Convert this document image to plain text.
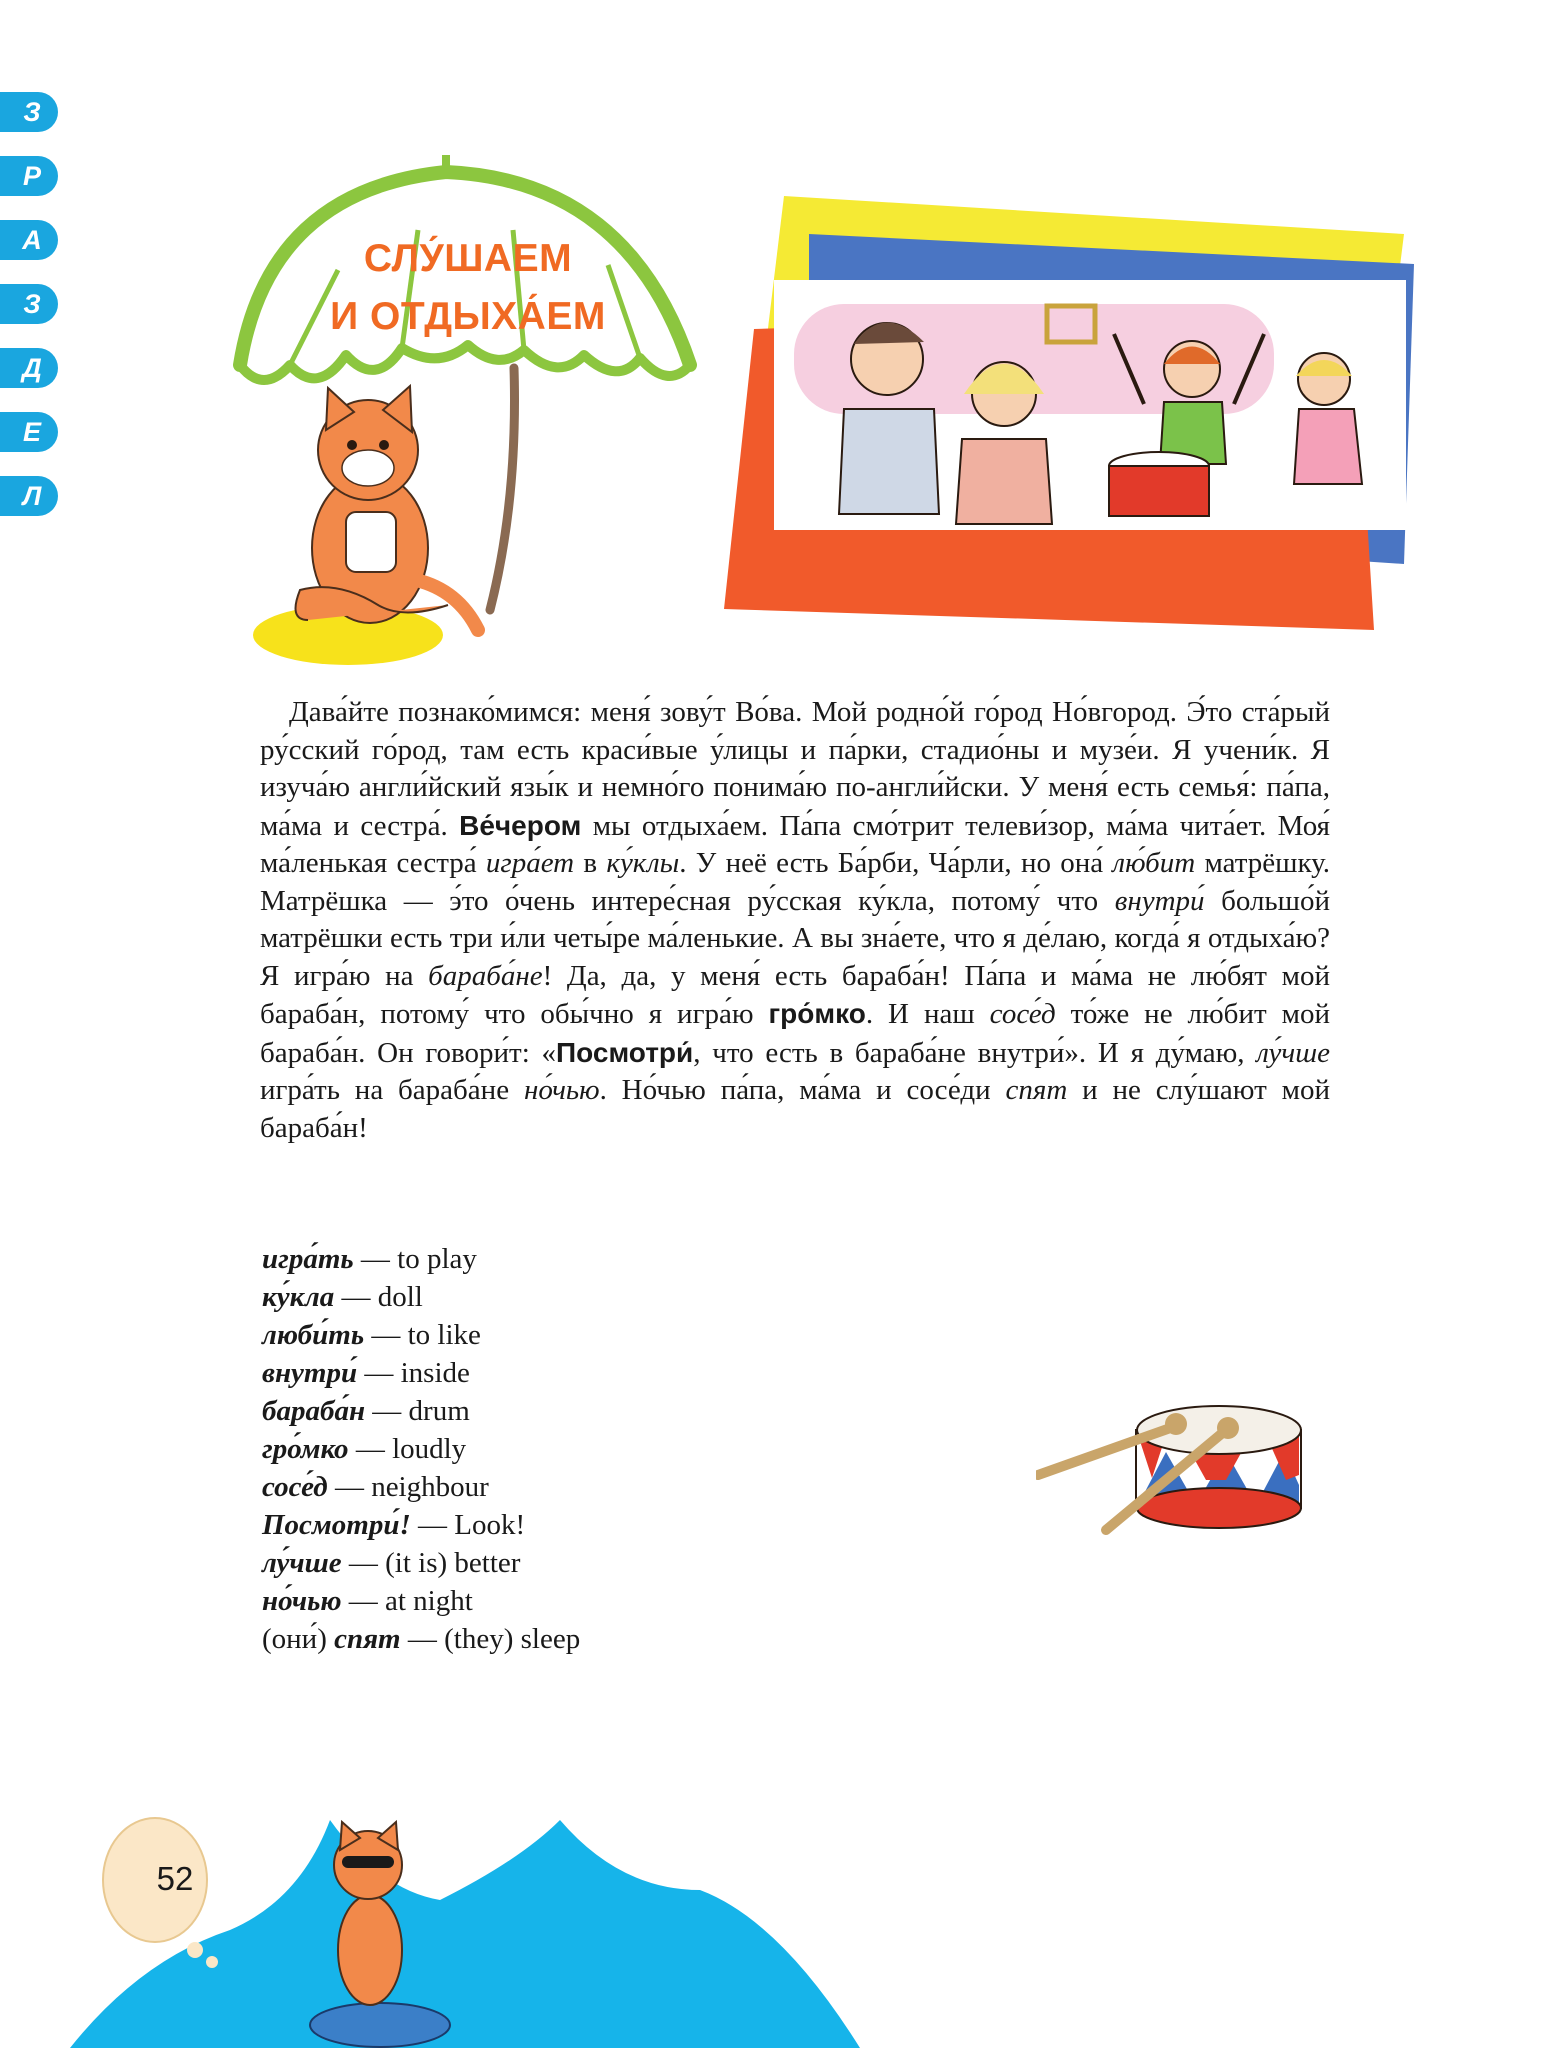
З
Р
А
З
Д
Е
Л
СЛУ́ШАЕМ
И ОТДЫХА́ЕМ

 Дава́йте познако́мимся: меня́ зову́т Во́ва. Мой родно́й го́род Но́вгород. Э́то ста́рый ру́сский го́род, там есть краси́вые у́лицы и па́рки, стадио́ны и музе́и. Я учени́к. Я изуча́ю англи́йский язы́к и немно́го понима́ю по-англи́йски. У меня́ есть семья́: па́па, ма́ма и сестра́. Ве́чером мы отдыха́ем. Па́па смо́трит телеви́зор, ма́ма чита́ет. Моя́ ма́ленькая сестра́ игра́ет в ку́клы. У неё есть Ба́рби, Ча́рли, но она́ лю́бит матрёшку. Матрёшка — э́то о́чень интере́сная ру́сская ку́кла, потому́ что внутри́ большо́й матрёшки есть три и́ли четы́ре ма́ленькие. А вы зна́ете, что я де́лаю, когда́ я отдыха́ю? Я игра́ю на бараба́не! Да, да, у меня́ есть бараба́н! Па́па и ма́ма не лю́бят мой бараба́н, потому́ что обы́чно я игра́ю гро́мко. И наш сосе́д то́же не лю́бит мой бараба́н. Он говори́т: «Посмотри́, что есть в бараба́не внутри́». И я ду́маю, лу́чше игра́ть на бараба́не но́чью. Но́чью па́па, ма́ма и сосе́ди спят и не слу́шают мой бараба́н!

игра́ть — to play
ку́кла — doll
люби́ть — to like
внутри́ — inside
бараба́н — drum
гро́мко — loudly
сосе́д — neighbour
Посмотри́! — Look!
лу́чше — (it is) better
но́чью — at night
(они́) спят — (they) sleep
52
